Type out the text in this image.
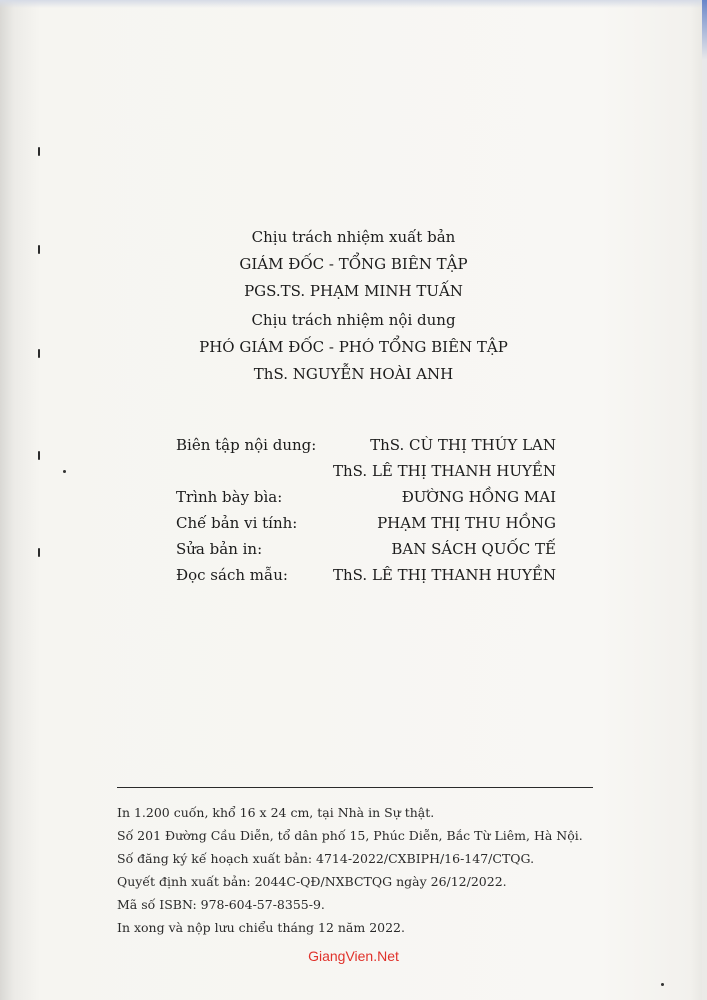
Chịu trách nhiệm xuất bản
GIÁM ĐỐC - TỔNG BIÊN TẬP
PGS.TS. PHẠM MINH TUẤN
Chịu trách nhiệm nội dung
PHÓ GIÁM ĐỐC - PHÓ TỔNG BIÊN TẬP
ThS. NGUYỄN HOÀI ANH
Biên tập nội dung:	ThS. CÙ THỊ THÚY LAN
ThS. LÊ THỊ THANH HUYỀN
Trình bày bìa:	ĐƯỜNG HỒNG MAI
Chế bản vi tính:	PHẠM THỊ THU HỒNG
Sửa bản in:	BAN SÁCH QUỐC TẾ
Đọc sách mẫu:	ThS. LÊ THỊ THANH HUYỀN
In 1.200 cuốn, khổ 16 x 24 cm, tại Nhà in Sự thật.
Số 201 Đường Cầu Diễn, tổ dân phố 15, Phúc Diễn, Bắc Từ Liêm, Hà Nội.
Số đăng ký kế hoạch xuất bản: 4714-2022/CXBIPH/16-147/CTQG.
Quyết định xuất bản: 2044C-QĐ/NXBCTQG ngày 26/12/2022.
Mã số ISBN: 978-604-57-8355-9.
In xong và nộp lưu chiểu tháng 12 năm 2022.
GiangVien.Net
